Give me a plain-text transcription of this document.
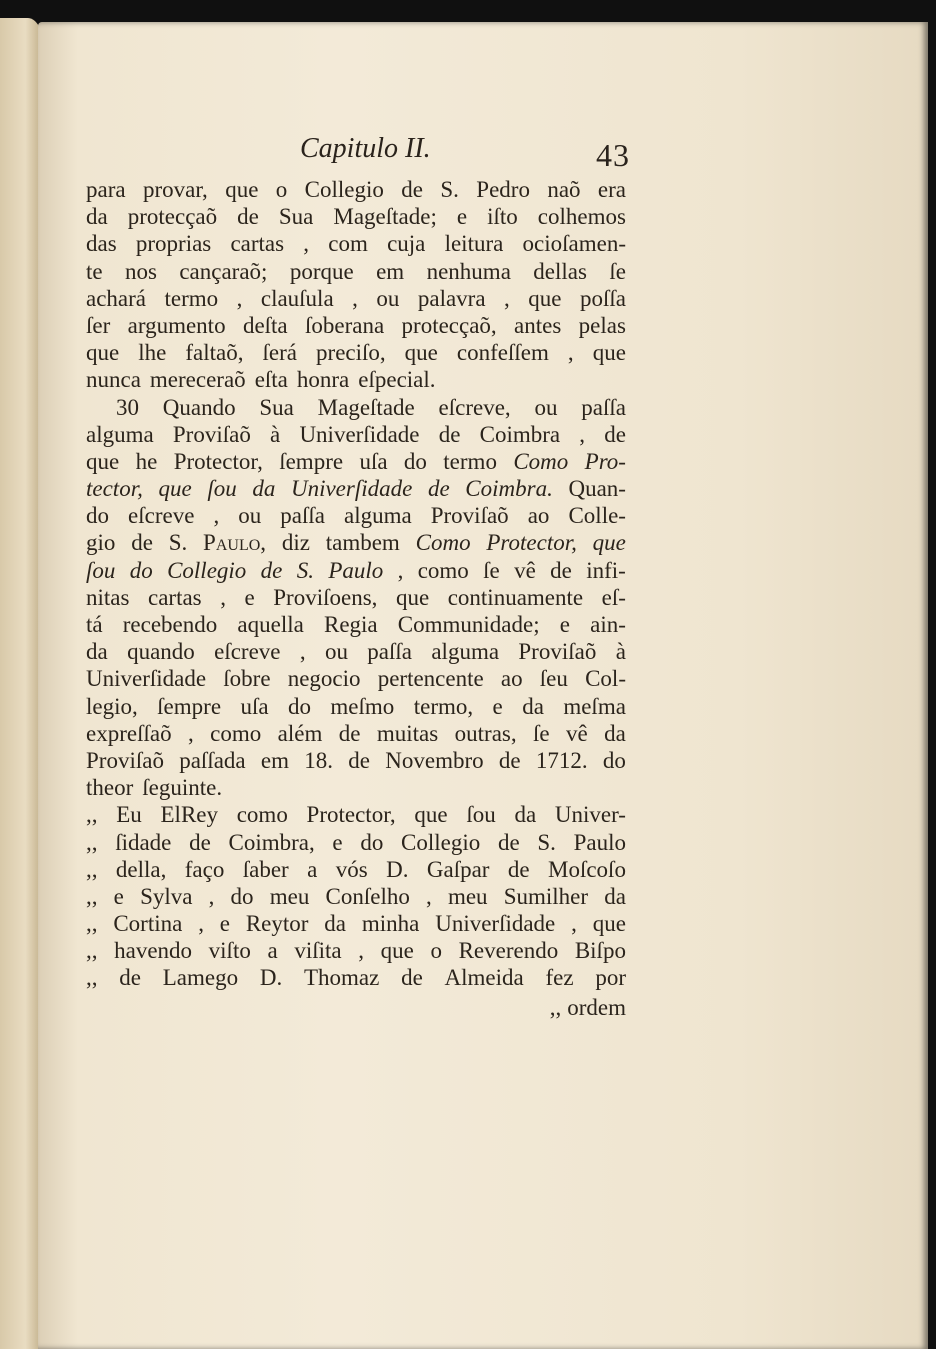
Capitulo II.	43
para provar, que o Collegio de S. Pedro naõ era
da protecçaõ de Sua Mageſtade; e iſto colhemos
das proprias cartas , com cuja leitura ocioſamen-
te nos cançaraõ; porque em nenhuma dellas ſe
achará termo , clauſula , ou palavra , que poſſa
ſer argumento deſta ſoberana protecçaõ, antes pelas
que lhe faltaõ, ſerá preciſo, que confeſſem , que
nunca mereceraõ eſta honra eſpecial.
30 Quando Sua Mageſtade eſcreve, ou paſſa
alguma Proviſaõ à Univerſidade de Coimbra , de
que he Protector, ſempre uſa do termo Como Pro-
tector, que ſou da Univerſidade de Coimbra. Quan-
do eſcreve , ou paſſa alguma Proviſaõ ao Colle-
gio de S. Paulo, diz tambem Como Protector, que
ſou do Collegio de S. Paulo , como ſe vê de infi-
nitas cartas , e Proviſoens, que continuamente eſ-
tá recebendo aquella Regia Communidade; e ain-
da quando eſcreve , ou paſſa alguma Proviſaõ à
Univerſidade ſobre negocio pertencente ao ſeu Col-
legio, ſempre uſa do meſmo termo, e da meſma
expreſſaõ , como além de muitas outras, ſe vê da
Proviſaõ paſſada em 18. de Novembro de 1712. do
theor ſeguinte.
,, Eu ElRey como Protector, que ſou da Univer-
,, ſidade de Coimbra, e do Collegio de S. Paulo
,, della, faço ſaber a vós D. Gaſpar de Moſcoſo
,, e Sylva , do meu Conſelho , meu Sumilher da
,, Cortina , e Reytor da minha Univerſidade , que
,, havendo viſto a viſita , que o Reverendo Biſpo
,, de Lamego D. Thomaz de Almeida fez por
,, ordem
